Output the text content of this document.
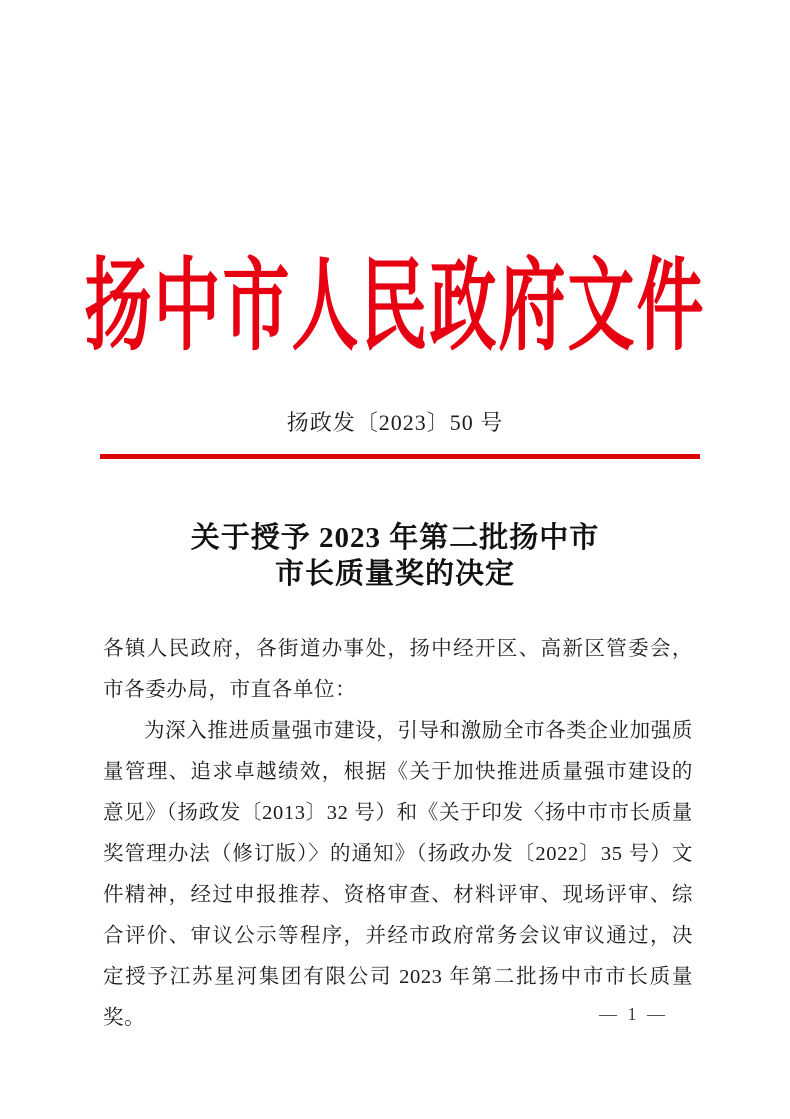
扬中市人民政府文件
扬政发〔2023〕50 号
关于授予 2023 年第二批扬中市
市长质量奖的决定

各镇人民政府，各街道办事处，扬中经开区、高新区管委会，市各委办局，市直各单位：

为深入推进质量强市建设，引导和激励全市各类企业加强质量管理、追求卓越绩效，根据《关于加快推进质量强市建设的意见》（扬政发〔2013〕32 号）和《关于印发〈扬中市市长质量奖管理办法（修订版）〉的通知》（扬政办发〔2022〕35 号）文件精神，经过申报推荐、资格审查、材料评审、现场评审、综合评价、审议公示等程序，并经市政府常务会议审议通过，决定授予江苏星河集团有限公司 2023 年第二批扬中市市长质量奖。	— 1 —
